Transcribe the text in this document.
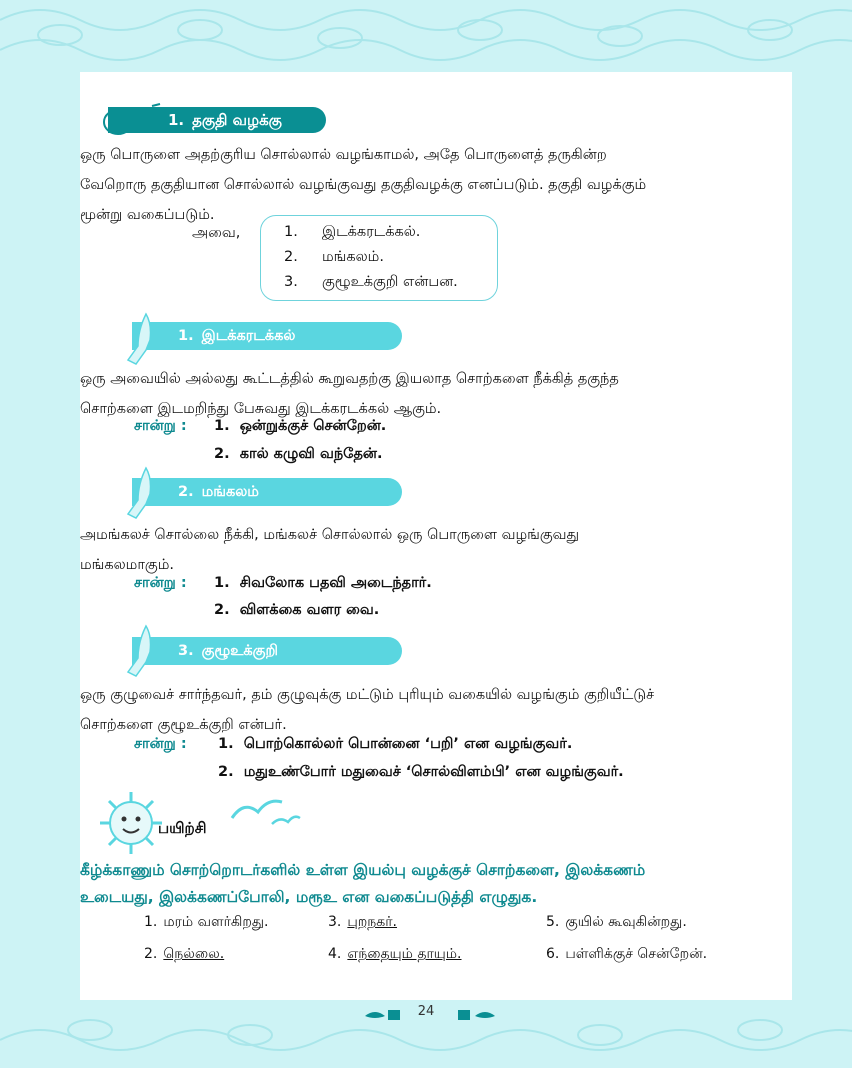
24
1. தகுதி வழக்கு
ஒரு பொருளை அதற்குரிய சொல்லால் வழங்காமல், அதே பொருளைத் தருகின்ற
வேறொரு தகுதியான சொல்லால் வழங்குவது தகுதிவழக்கு எனப்படும். தகுதி வழக்கும்
மூன்று வகைப்படும்.
அவை,	1. இடக்கரடக்கல்.
2. மங்கலம்.
3. குழூஉக்குறி என்பன.
1. இடக்கரடக்கல்
ஒரு அவையில் அல்லது கூட்டத்தில் கூறுவதற்கு இயலாத சொற்களை நீக்கித் தகுந்த
சொற்களை இடமறிந்து பேசுவது இடக்கரடக்கல் ஆகும்.
சான்று : 1. ஒன்றுக்குச் சென்றேன்.
2. கால் கழுவி வந்தேன்.
2. மங்கலம்
அமங்கலச் சொல்லை நீக்கி, மங்கலச் சொல்லால் ஒரு பொருளை வழங்குவது
மங்கலமாகும்.
சான்று : 1. சிவலோக பதவி அடைந்தார்.
2. விளக்கை வளர வை.
3. குழூஉக்குறி
ஒரு குழுவைச் சார்ந்தவர், தம் குழுவுக்கு மட்டும் புரியும் வகையில் வழங்கும் குறியீட்டுச்
சொற்களை குழூஉக்குறி என்பர்.
சான்று : 1. பொற்கொல்லர் பொன்னை ‘பறி’ என வழங்குவர்.
2. மதுஉண்போர் மதுவைச் ‘சொல்விளம்பி’ என வழங்குவர்.
பயிற்சி
கீழ்க்காணும் சொற்றொடர்களில் உள்ள இயல்பு வழக்குச் சொற்களை, இலக்கணம்
உடையது, இலக்கணப்போலி, மரூஉ என வகைப்படுத்தி எழுதுக.
1. மரம் வளர்கிறது.
2. நெல்லை.
3. புறநகர்.
4. எந்தையும் தாயும்.
5. குயில் கூவுகின்றது.
6. பள்ளிக்குச் சென்றேன்.
